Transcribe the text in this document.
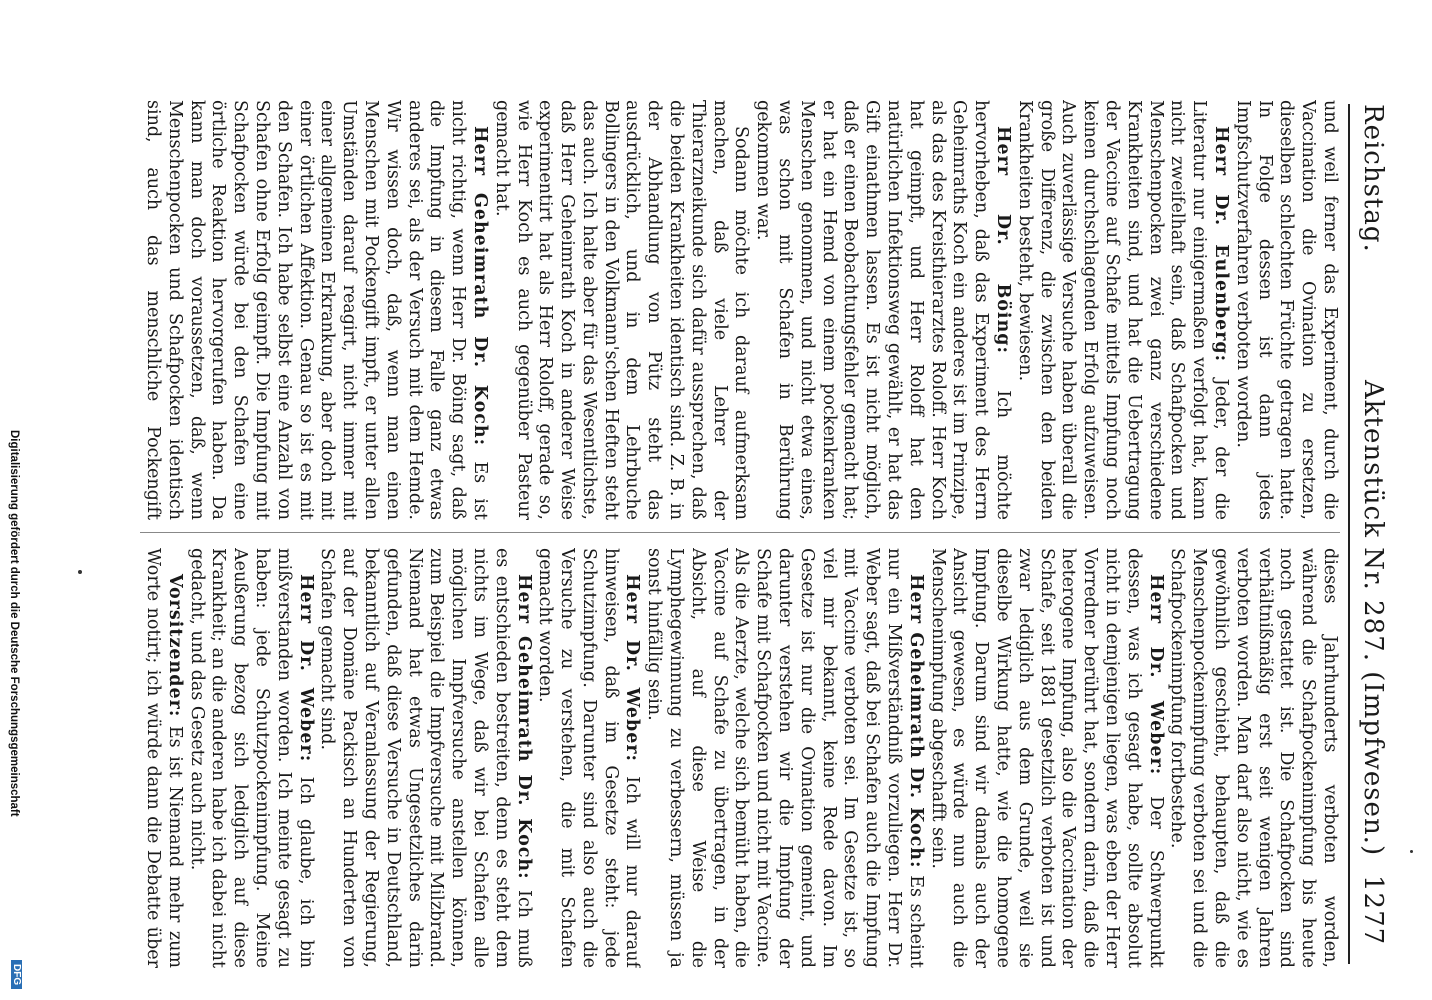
Reichstag.
Aktenstück Nr. 287. (Impfwesen.)
1277

und weil ferner das Experiment, durch die Vaccination die Ovination zu ersetzen, dieselben schlechten Früchte getragen hatte. In Folge dessen ist dann jedes Impfschutzverfahren verboten worden.

Herr Dr. Eulenberg: Jeder, der die Literatur nur einigermaßen verfolgt hat, kann nicht zweifelhaft sein, daß Schafpocken und Menschenpocken zwei ganz verschiedene Krankheiten sind, und hat die Uebertragung der Vaccine auf Schafe mittels Impfung noch keinen durchschlagenden Erfolg aufzuweisen. Auch zuverlässige Versuche haben überall die große Differenz, die zwischen den beiden Krankheiten besteht, bewiesen.

Herr Dr. Böing: Ich möchte hervorheben, daß das Experiment des Herrn Geheimraths Koch ein anderes ist im Prinzipe, als das des Kreisthierarztes Roloff. Herr Koch hat geimpft, und Herr Roloff hat den natürlichen Infektionsweg gewählt, er hat das Gift einathmen lassen. Es ist nicht möglich, daß er einen Beobachtungsfehler gemacht hat; er hat ein Hemd von einem pockenkranken Menschen genommen, und nicht etwa eines, was schon mit Schafen in Berührung gekommen war.

Sodann möchte ich darauf aufmerksam machen, daß viele Lehrer der Thierarzneikunde sich dafür aussprechen, daß die beiden Krankheiten identisch sind. Z. B. in der Abhandlung von Pütz steht das ausdrücklich, und in dem Lehrbuche Bollingers in den Volkmann'schen Heften steht das auch. Ich halte aber für das Wesentlichste, daß Herr Geheimrath Koch in anderer Weise experimentirt hat als Herr Roloff, gerade so, wie Herr Koch es auch gegenüber Pasteur gemacht hat.

Herr Geheimrath Dr. Koch: Es ist nicht richtig, wenn Herr Dr. Böing sagt, daß die Impfung in diesem Falle ganz etwas anderes sei, als der Versuch mit dem Hemde. Wir wissen doch, daß, wenn man einen Menschen mit Pockengift impft, er unter allen Umständen darauf reagirt, nicht immer mit einer allgemeinen Erkrankung, aber doch mit einer örtlichen Affektion. Genau so ist es mit den Schafen. Ich habe selbst eine Anzahl von Schafen ohne Erfolg geimpft. Die Impfung mit Schafpocken würde bei den Schafen eine örtliche Reaktion hervorgerufen haben. Da kann man doch voraussetzen, daß, wenn Menschenpocken und Schafpocken identisch sind, auch das menschliche Pockengift

dieses Jahrhunderts verboten worden, während die Schafpockenimpfung bis heute noch gestattet ist. Die Schafpocken sind verhältnißmäßig erst seit wenigen Jahren verboten worden. Man darf also nicht, wie es gewöhnlich geschieht, behaupten, daß die Menschenpockenimpfung verboten sei und die Schafpockenimpfung fortbestehe.

Herr Dr. Weber: Der Schwerpunkt dessen, was ich gesagt habe, sollte absolut nicht in demjenigen liegen, was eben der Herr Vorredner berührt hat, sondern darin, daß die heterogene Impfung, also die Vaccination der Schafe, seit 1881 gesetzlich verboten ist und zwar lediglich aus dem Grunde, weil sie dieselbe Wirkung hatte, wie die homogene Impfung. Darum sind wir damals auch der Ansicht gewesen, es würde nun auch die Menschenimpfung abgeschafft sein.

Herr Geheimrath Dr. Koch: Es scheint nur ein Mißverständniß vorzuliegen. Herr Dr. Weber sagt, daß bei Schafen auch die Impfung mit Vaccine verboten sei. Im Gesetze ist, so viel mir bekannt, keine Rede davon. Im Gesetze ist nur die Ovination gemeint, und darunter verstehen wir die Impfung der Schafe mit Schafpocken und nicht mit Vaccine. Als die Aerzte, welche sich bemüht haben, die Vaccine auf Schafe zu übertragen, in der Absicht, auf diese Weise die Lymphegewinnung zu verbessern, müssen ja sonst hinfällig sein.

Herr Dr. Weber: Ich will nur darauf hinweisen, daß im Gesetze steht: jede Schutzimpfung. Darunter sind also auch die Versuche zu verstehen, die mit Schafen gemacht worden.

Herr Geheimrath Dr. Koch: Ich muß es entschieden bestreiten, denn es steht dem nichts im Wege, daß wir bei Schafen alle möglichen Impfversuche anstellen können, zum Beispiel die Impfversuche mit Milzbrand. Niemand hat etwas Ungesetzliches darin gefunden, daß diese Versuche in Deutschland, bekanntlich auf Veranlassung der Regierung, auf der Domäne Packisch an Hunderten von Schafen gemacht sind.

Herr Dr. Weber: Ich glaube, ich bin mißverstanden worden. Ich meinte gesagt zu haben: jede Schutzpockenimpfung. Meine Aeußerung bezog sich lediglich auf diese Krankheit; an die anderen habe ich dabei nicht gedacht, und das Gesetz auch nicht.

Vorsitzender: Es ist Niemand mehr zum Worte notirt; ich würde dann die Debatte über

Digitalisierung gefördert durch die Deutsche Forschungsgemeinschaft
DFG
